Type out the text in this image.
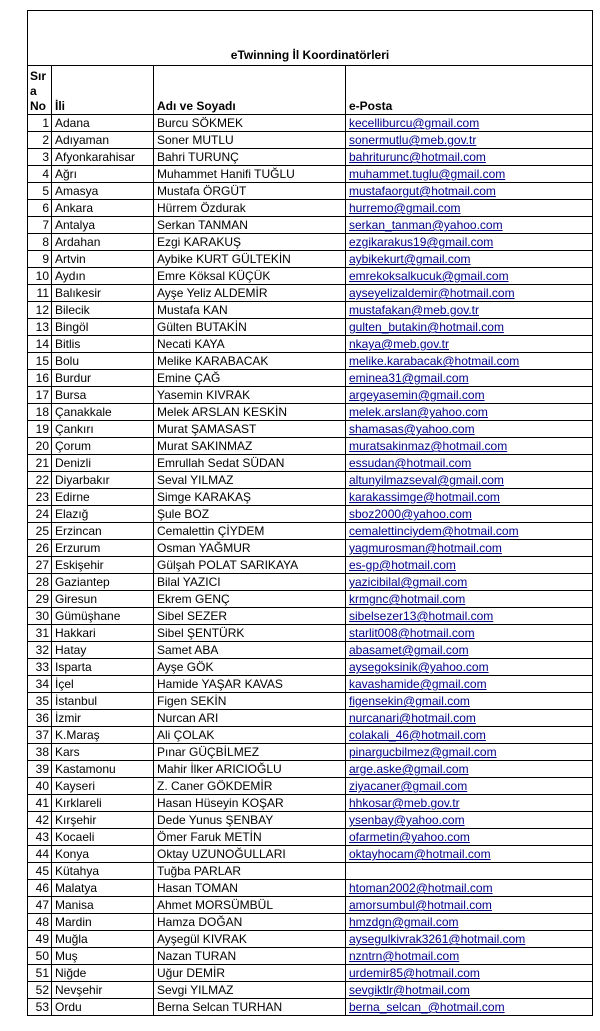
eTwinning İl Koordinatörleri			
Sır
a
No	İli	Adı ve Soyadı	e-Posta
1	Adana	Burcu SÖKMEK	kecelliburcu@gmail.com
2	Adıyaman	Soner MUTLU	sonermutlu@meb.gov.tr
3	Afyonkarahisar	Bahri TURUNÇ	bahriturunc@hotmail.com
4	Ağrı	Muhammet Hanifi TUĞLU	muhammet.tuglu@gmail.com
5	Amasya	Mustafa ÖRGÜT	mustafaorgut@hotmail.com
6	Ankara	Hürrem Özdurak	hurremo@gmail.com
7	Antalya	Serkan TANMAN	serkan_tanman@yahoo.com
8	Ardahan	Ezgi KARAKUŞ	ezgikarakus19@gmail.com
9	Artvin	Aybike KURT GÜLTEKİN	aybikekurt@gmail.com
10	Aydın	Emre Köksal KÜÇÜK	emrekoksalkucuk@gmail.com
11	Balıkesir	Ayşe Yeliz ALDEMİR	ayseyelizaldemir@hotmail.com
12	Bilecik	Mustafa KAN	mustafakan@meb.gov.tr
13	Bingöl	Gülten BUTAKİN	gulten_butakin@hotmail.com
14	Bitlis	Necati KAYA	nkaya@meb.gov.tr
15	Bolu	Melike KARABACAK	melike.karabacak@hotmail.com
16	Burdur	Emine ÇAĞ	eminea31@gmail.com
17	Bursa	Yasemin KIVRAK	argeyasemin@gmail.com
18	Çanakkale	Melek ARSLAN KESKİN	melek.arslan@yahoo.com
19	Çankırı	Murat ŞAMASAST	shamasas@yahoo.com
20	Çorum	Murat SAKINMAZ	muratsakinmaz@hotmail.com
21	Denizli	Emrullah Sedat SÜDAN	essudan@hotmail.com
22	Diyarbakır	Seval YILMAZ	altunyilmazseval@gmail.com
23	Edirne	Simge KARAKAŞ	karakassimge@hotmail.com
24	Elazığ	Şule BOZ	sboz2000@yahoo.com
25	Erzincan	Cemalettin ÇİYDEM	cemalettinciydem@hotmail.com
26	Erzurum	Osman YAĞMUR	yagmurosman@hotmail.com
27	Eskişehir	Gülşah POLAT SARIKAYA	es-gp@hotmail.com
28	Gaziantep	Bilal YAZICI	yazicibilal@gmail.com
29	Giresun	Ekrem GENÇ	krmgnc@hotmail.com
30	Gümüşhane	Sibel SEZER	sibelsezer13@hotmail.com
31	Hakkari	Sibel ŞENTÜRK	starlit008@hotmail.com
32	Hatay	Samet ABA	abasamet@gmail.com
33	Isparta	Ayşe GÖK	aysegoksinik@yahoo.com
34	İçel	Hamide YAŞAR KAVAS	kavashamide@gmail.com
35	İstanbul	Figen SEKİN	figensekin@gmail.com
36	İzmir	Nurcan ARI	nurcanari@hotmail.com
37	K.Maraş	Ali ÇOLAK	colakali_46@hotmail.com
38	Kars	Pınar GÜÇBİLMEZ	pinargucbilmez@gmail.com
39	Kastamonu	Mahir İlker ARICIOĞLU	arge.aske@gmail.com
40	Kayseri	Z. Caner GÖKDEMİR	ziyacaner@gmail.com
41	Kırklareli	Hasan Hüseyin KOŞAR	hhkosar@meb.gov.tr
42	Kırşehir	Dede Yunus ŞENBAY	ysenbay@yahoo.com
43	Kocaeli	Ömer Faruk METİN	ofarmetin@yahoo.com
44	Konya	Oktay UZUNOĞULLARI	oktayhocam@hotmail.com
45	Kütahya	Tuğba PARLAR	
46	Malatya	Hasan TOMAN	htoman2002@hotmail.com
47	Manisa	Ahmet MORSÜMBÜL	amorsumbul@hotmail.com
48	Mardin	Hamza DOĞAN	hmzdgn@gmail.com
49	Muğla	Ayşegül KIVRAK	aysegulkivrak3261@hotmail.com
50	Muş	Nazan TURAN	nzntrn@hotmail.com
51	Niğde	Uğur DEMİR	urdemir85@hotmail.com
52	Nevşehir	Sevgi YILMAZ	sevgiktlr@hotmail.com
53	Ordu	Berna Selcan TURHAN	berna_selcan_@hotmail.com
